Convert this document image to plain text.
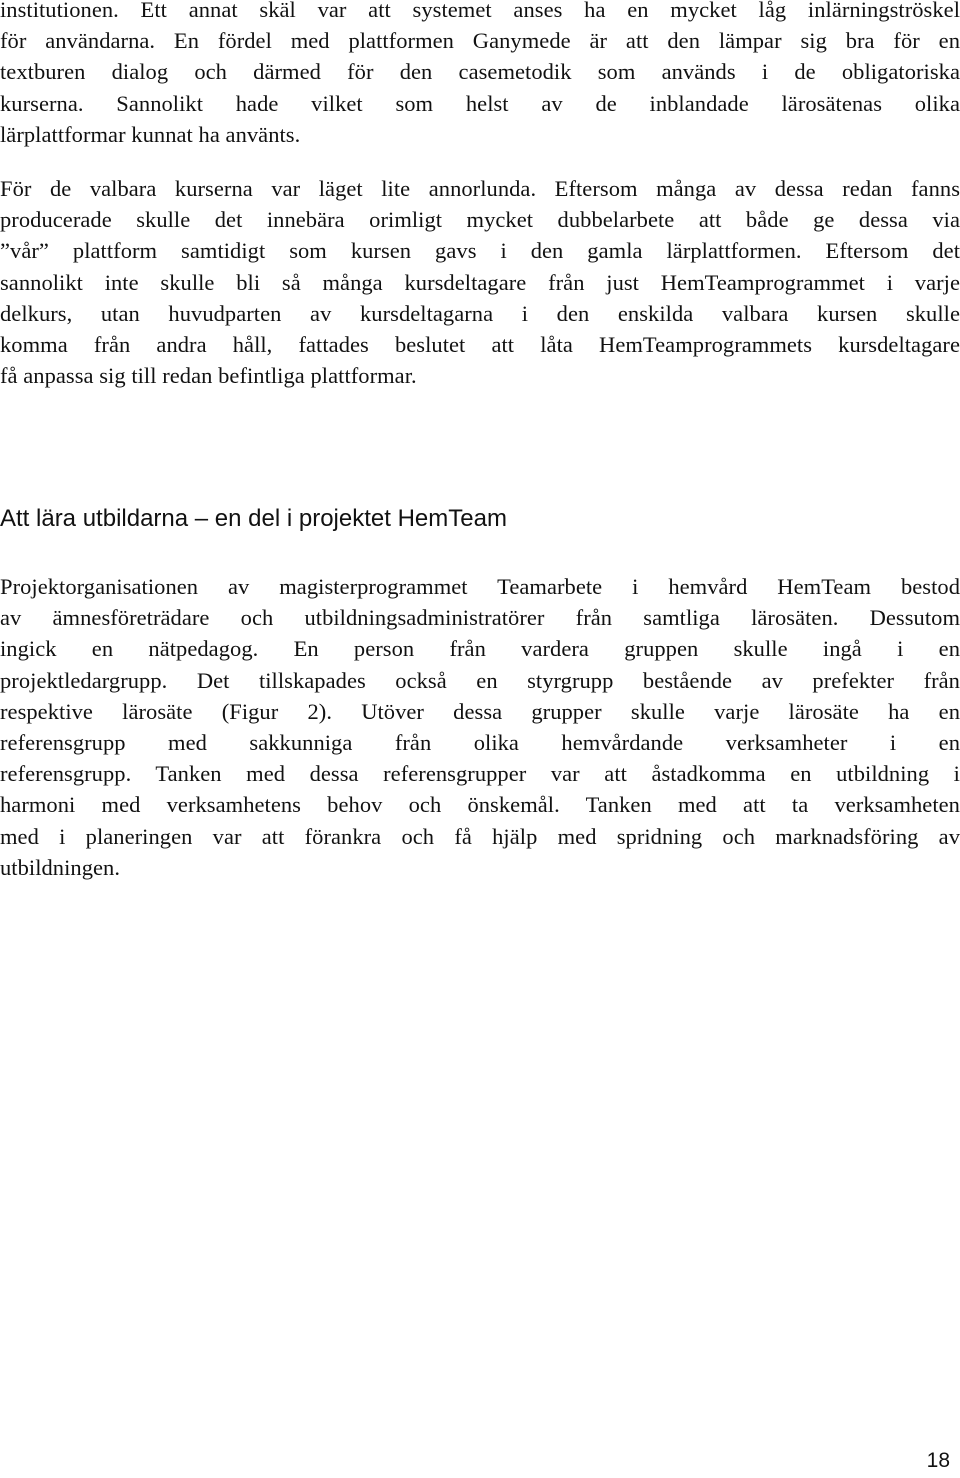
institutionen. Ett annat skäl var att systemet anses ha en mycket låg inlärningströskel
för användarna. En fördel med plattformen Ganymede är att den lämpar sig bra för en
textburen dialog och därmed för den casemetodik som används i de obligatoriska
kurserna. Sannolikt hade vilket som helst av de inblandade lärosätenas olika
lärplattformar kunnat ha använts.

För de valbara kurserna var läget lite annorlunda. Eftersom många av dessa redan fanns
producerade skulle det innebära orimligt mycket dubbelarbete att både ge dessa via
”vår” plattform samtidigt som kursen gavs i den gamla lärplattformen. Eftersom det
sannolikt inte skulle bli så många kursdeltagare från just HemTeamprogrammet i varje
delkurs, utan huvudparten av kursdeltagarna i den enskilda valbara kursen skulle
komma från andra håll, fattades beslutet att låta HemTeamprogrammets kursdeltagare
få anpassa sig till redan befintliga plattformar.

Att lära utbildarna – en del i projektet HemTeam

Projektorganisationen av magisterprogrammet Teamarbete i hemvård HemTeam bestod
av ämnesföreträdare och utbildningsadministratörer från samtliga lärosäten. Dessutom
ingick en nätpedagog. En person från vardera gruppen skulle ingå i en
projektledargrupp. Det tillskapades också en styrgrupp bestående av prefekter från
respektive lärosäte (Figur 2). Utöver dessa grupper skulle varje lärosäte ha en
referensgrupp med sakkunniga från olika hemvårdande verksamheter i en
referensgrupp. Tanken med dessa referensgrupper var att åstadkomma en utbildning i
harmoni med verksamhetens behov och önskemål. Tanken med att ta verksamheten
med i planeringen var att förankra och få hjälp med spridning och marknadsföring av
utbildningen.

18
